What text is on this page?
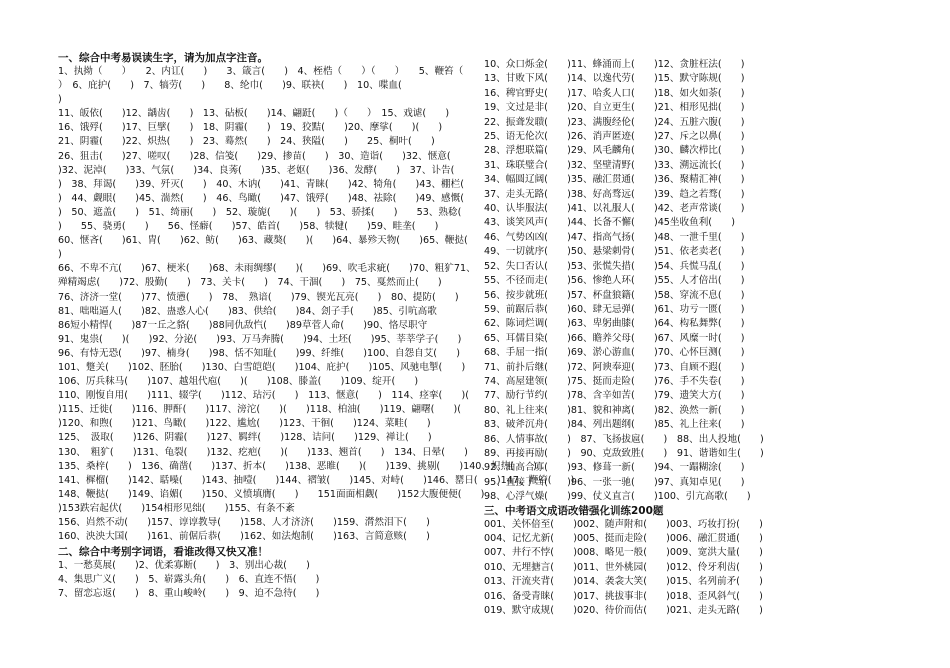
一、综合中考易误读生字，请为加点字注音。

1、执拗（　　）　　2、内讧(　　)　　3、箴言(　　)　4、桎梏（　　）（　　）　　5、鞭笞（

）　6、庇护(　　)　7、犒劳(　　)　　8、纶巾(　　)9、联袂(　　)　10、喋血(

)

11、皈依(　　)12、龋齿(　　)　13、砧板(　　)14、翩跹(　　)（　　）　15、戏谑(　　)

16、饿殍(　　)17、巨擘(　　)　18、阴霾(　　)　19、狡黠(　　)20、摩挲(　　)(　　)

21、阴霾(　　)22、炽热(　　)　23、蓦然(　　)　24、狭隘(　　)　　25、桐叶(　　)

26、狙击(　　)27、嗟叹(　　)28、信笺(　　)29、掺苗(　　)　30、造诣(　　)32、惬意(

)32、泥淖(　　)33、气氛(　　)34、良莠(　　)35、老妪(　　)36、发酵(　　)　37、讣告(

)　38、拜谒(　　)39、歼灭(　　)　40、木讷(　　)41、青睐(　　)42、犄角(　　)43、棚栏(

)　44、觑眼(　　)45、湍然(　　)　46、鸟瞰(　　)47、饿殍(　　)48、祛除(　　)49、感慨(

)　50、遮盖(　　)　51、绮丽(　　)　52、璇旎(　　)(　　)　53、骄揉(　　)　　53、熟稔(

)　　55、骁勇(　　)　　56、怪癖(　　)57、皓首(　　)58、犊犍(　　)59、畦垄(　　)

60、惬吝(　　)61、胄(　　)62、鲂(　　)63、藏獒(　　)(　　)64、暴殄天物(　　)65、鞭挞(

)

66、不卑不亢(　　)67、梗米(　　)68、未雨绸缪(　　)(　　)69、吹毛求疵(　　)70、粗犷71、

殚精竭虑(　　)72、殷勤(　　)　73、关卡(　　)　74、干涸(　　)　75、戛然而止(　　)

76、济济一堂(　　)77、愤懑(　　)　78、　熟谙(　　)79、锲光瓦亮(　　)　80、提防(　　)

81、咄咄逼人(　　)82、蛊惑人心(　　)83、供给(　　)84、刽子手(　　)85、引吭高歌

86短小精悍(　　)87一丘之貉(　　)88同仇敌忾(　　)89草菅人命(　　)90、恪尽职守

91、鬼祟(　　)(　　)92、分泌(　　)93、万马奔腾(　　)94、土坯(　　)95、莘莘学子(　　)

96、有恃无恐(　　)97、楠身(　　)98、恬不知耻(　　)99、纤维(　　)100、自怨自艾(　　)

101、蹩关(　　)102、胚胎(　　)130、白雪皑皑(　　)104、庇护(　　)105、风驰电掣(　　)

106、厉兵秣马(　　)107、越俎代庖(　　)(　　)108、滕盖(　　)109、绽开(　　)

110、刚愎自用(　　)111、辍学(　　)112、玷污(　　)　113、惬意(　　)　114、痉挛(　　)(

)115、迁徙(　　)116、胛酐(　　)117、滂沱(　　)(　　)118、柏油(　　)119、翩曙(　　)(

)120、和煦(　　)121、鸟瞰(　　)122、尴尬(　　)123、干徊(　　)124、菜畦(　　)

125、　汲取(　　)126、阴霾(　　)127、羁绊(　　)128、诘问(　　)129、禅让(　　)

130、　粗犷(　　)131、龟裂(　　)132、疙疤(　　)(　　)133、翘首(　　)　134、日晕(　　)

135、桑梓(　　)　136、确凿(　　)137、折本(　　)138、恶睢(　　)(　　)139、挑剔(　　)140、炽热(　　)

141、樨榴(　　)142、聒噪(　　)143、抽噎(　　)144、褶皱(　　)145、对峙(　　)146、罂日(　　)147、鞭笞(　　)

148、鞭挞(　　)149、谄媚(　　)150、义愤填膺(　　)　　151面面相觑(　　)152大腹便便(　　)

)153跌宕起伏(　　)154相形见绌(　　)155、有条不紊

156、岿然不动(　　)157、谆谆教导(　　)158、人才济济(　　)159、潸然泪下(　　)

160、泱泱大国(　　)161、前倨后恭(　　)162、如法炮制(　　)163、言简意赅(　　)

二、综合中考别字词语，看谁改得又快又准！

1、一愁莫展(　　)2、优柔寡断(　　)　3、别出心裁(　　)

4、集思广义(　　)　5、崭露头角(　　)　6、直连不悟(　　)

7、留恋忘返(　　)　8、重山峻岭(　　)　9、迫不急待(　　)

10、众口烁金(　　)11、蜂涌而上(　　)12、贪脏枉法(　　)

13、甘败下风(　　)14、以逸代劳(　　)15、默守陈规(　　)

16、稗官野史(　　)17、哈炙人口(　　)18、如火如荼(　　)

19、文过是非(　　)20、自立更生(　　)21、相形见拙(　　)

22、振聋发聩(　　)23、满腹经伦(　　)24、五脏六腹(　　)

25、语无伦次(　　)26、消声匿迹(　　)27、斥之以鼻(　　)

28、浮想联篇(　　)29、风毛麟角(　　)30、麟次栉比(　　)

31、珠联璧合(　　)32、坚壁清野(　　)33、溯远流长(　　)

34、幅圆辽阔(　　)35、融汇贯通(　　)36、聚精汇神(　　)

37、走头无路(　　)38、好高骛远(　　)39、趋之若骛(　　)

40、认毕服法(　　)41、以礼服人(　　)42、老声常谈(　　)

43、谈笑风声(　　)44、长备不懈(　　)45坐收鱼利(　　)

46、气势凶凶(　　)47、指高气扬(　　)48、一泄千里(　　)

49、一切就序(　　)50、悬梁刺骨(　　)51、依老卖老(　　)

52、失口否认(　　)53、张慌失措(　　)54、兵慌马乱(　　)

55、不径而走(　　)56、惨绝人环(　　)55、人才倍出(　　)

56、按步就班(　　)57、杯盘狼籍(　　)58、穿流不息(　　)

59、前踞后恭(　　)60、肆无忌弹(　　)61、功亏一匮(　　)

62、陈词烂调(　　)63、卑躬曲膝(　　)64、构私舞弊(　　)

65、耳儒目染(　　)66、瞻养父母(　　)67、风糜一时(　　)

68、手屈一指(　　)69、淤心游血(　　)70、心怀巨测(　　)

71、前扑后继(　　)72、阿谀奉迎(　　)73、自顾不遐(　　)

74、高屋建领(　　)75、挺而走险(　　)76、手不失卷(　　)

77、励行节约(　　)78、含辛如苦(　　)79、遗笑大方(　　)

80、礼上往来(　　)81、貌和神离(　　)82、涣然一新(　　)

83、破斧沉舟(　　)84、列出题纲(　　)85、礼上往来(　　)

86、人情事故(　　)　87、飞扬拔扈(　　)　88、出人投地(　　)

89、再接再励(　　)　90、克敌致胜(　　)　91、谐谐如生(　　)

92、曲高合寡(　　)93、修葺一新(　　)94、一蹋糊涂(　　)

95、直接了当(　　)96、一张一驰(　　)97、真知卓见(　　)

98、心浮气燥(　　)99、仗义直言(　　)100、引亢高歌(　　)

三、中考语文成语改错强化训练200题

001、关怀倍至(　　)002、随声附和(　　)003、巧妆打扮(　　)

004、记忆尤新(　　)005、挺而走险(　　)006、融汇贯通(　　)

007、井行不悖(　　)008、略见一般(　　)009、宽洪大量(　　)

010、无埋搪言(　　)011、世外桃园(　　)012、伶牙利齿(　　)

013、汗流夹背(　　)014、袭衾大笑(　　)015、名列前矛(　　)

016、备受青睐(　　)017、挑拔事非(　　)018、歪风斜气(　　)

019、默守成规(　　)020、待价而估(　　)021、走头无路(　　)
